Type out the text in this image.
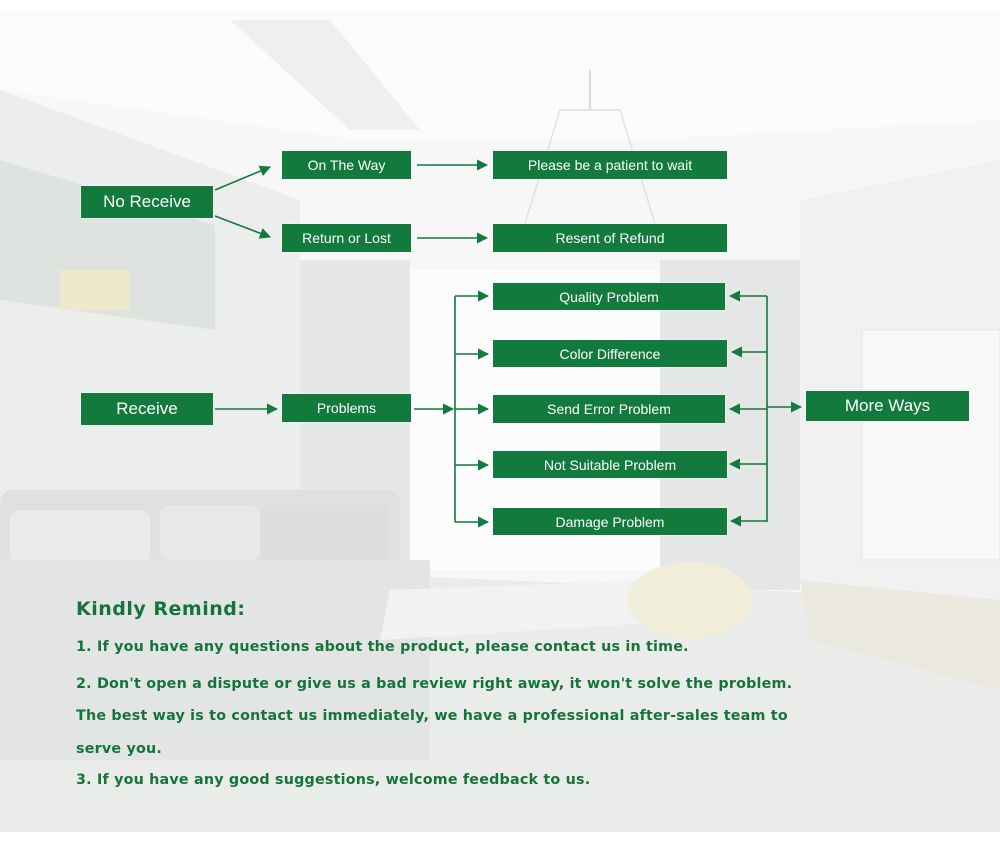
No Receive
On The Way
Return or Lost
Please be a patient to wait
Resent of Refund
Receive	Problems
Quality Problem
Color Difference
Send Error Problem
Not Suitable Problem
Damage Problem
More Ways
Kindly Remind:
1. If you have any questions about the product, please contact us in time.
2. Don't open a dispute or give us a bad review right away, it won't solve the problem.
The best way is to contact us immediately, we have a professional after-sales team to
serve you.
3. If you have any good suggestions, welcome feedback to us.
